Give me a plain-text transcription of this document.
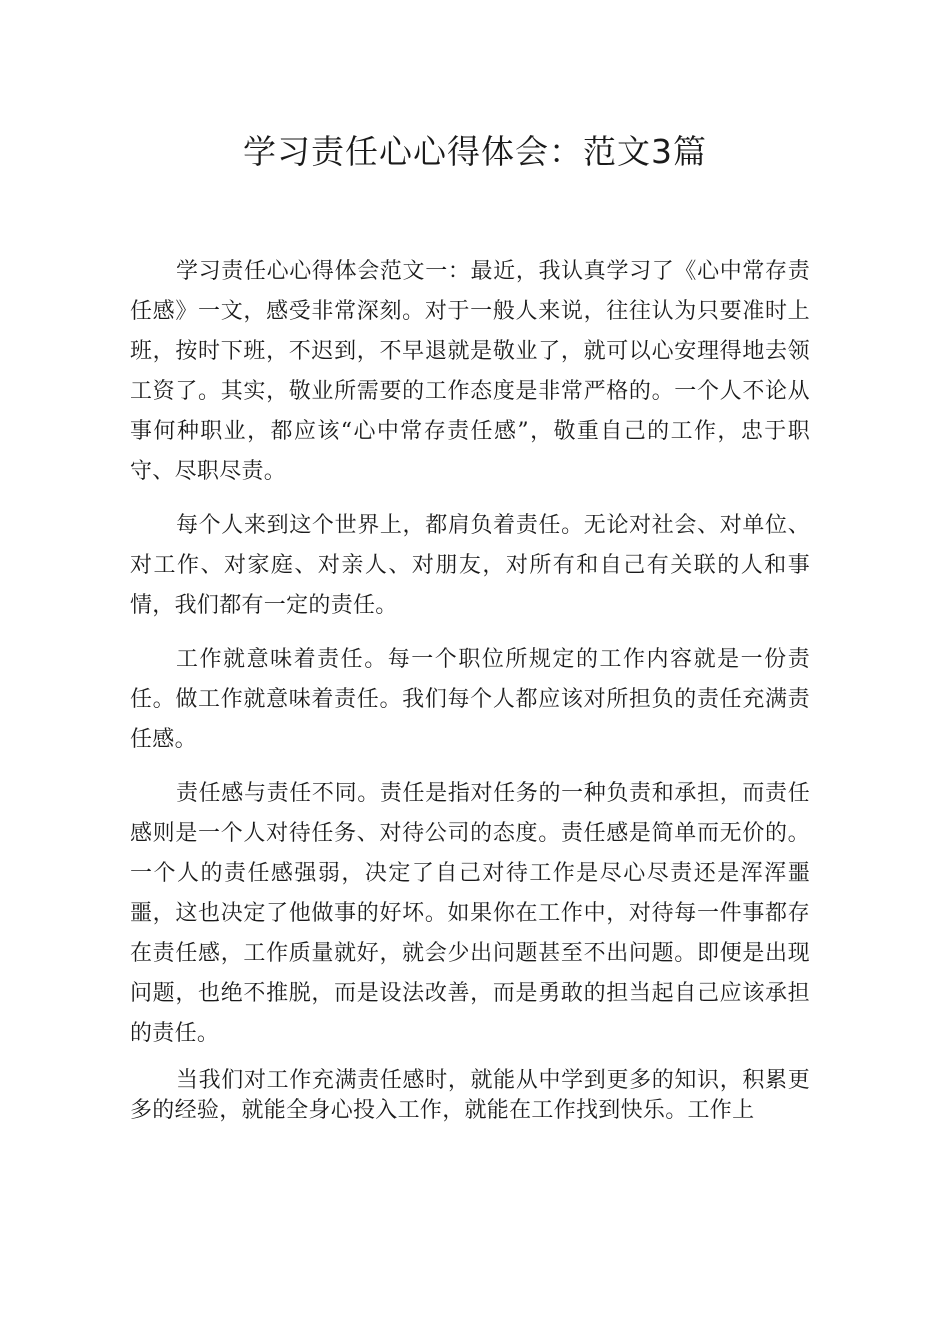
学习责任心心得体会：范文3篇

学习责任心心得体会范文一：最近，我认真学习了《心中常存责任感》一文，感受非常深刻。对于一般人来说，往往认为只要准时上班，按时下班，不迟到，不早退就是敬业了，就可以心安理得地去领工资了。其实，敬业所需要的工作态度是非常严格的。一个人不论从事何种职业，都应该“心中常存责任感”，敬重自己的工作，忠于职守、尽职尽责。

每个人来到这个世界上，都肩负着责任。无论对社会、对单位、对工作、对家庭、对亲人、对朋友，对所有和自己有关联的人和事情，我们都有一定的责任。

工作就意味着责任。每一个职位所规定的工作内容就是一份责任。做工作就意味着责任。我们每个人都应该对所担负的责任充满责任感。

责任感与责任不同。责任是指对任务的一种负责和承担，而责任感则是一个人对待任务、对待公司的态度。责任感是简单而无价的。一个人的责任感强弱，决定了自己对待工作是尽心尽责还是浑浑噩噩，这也决定了他做事的好坏。如果你在工作中，对待每一件事都存在责任感，工作质量就好，就会少出问题甚至不出问题。即便是出现问题，也绝不推脱，而是设法改善，而是勇敢的担当起自己应该承担的责任。

当我们对工作充满责任感时，就能从中学到更多的知识，积累更多的经验，就能全身心投入工作，就能在工作找到快乐。工作上
